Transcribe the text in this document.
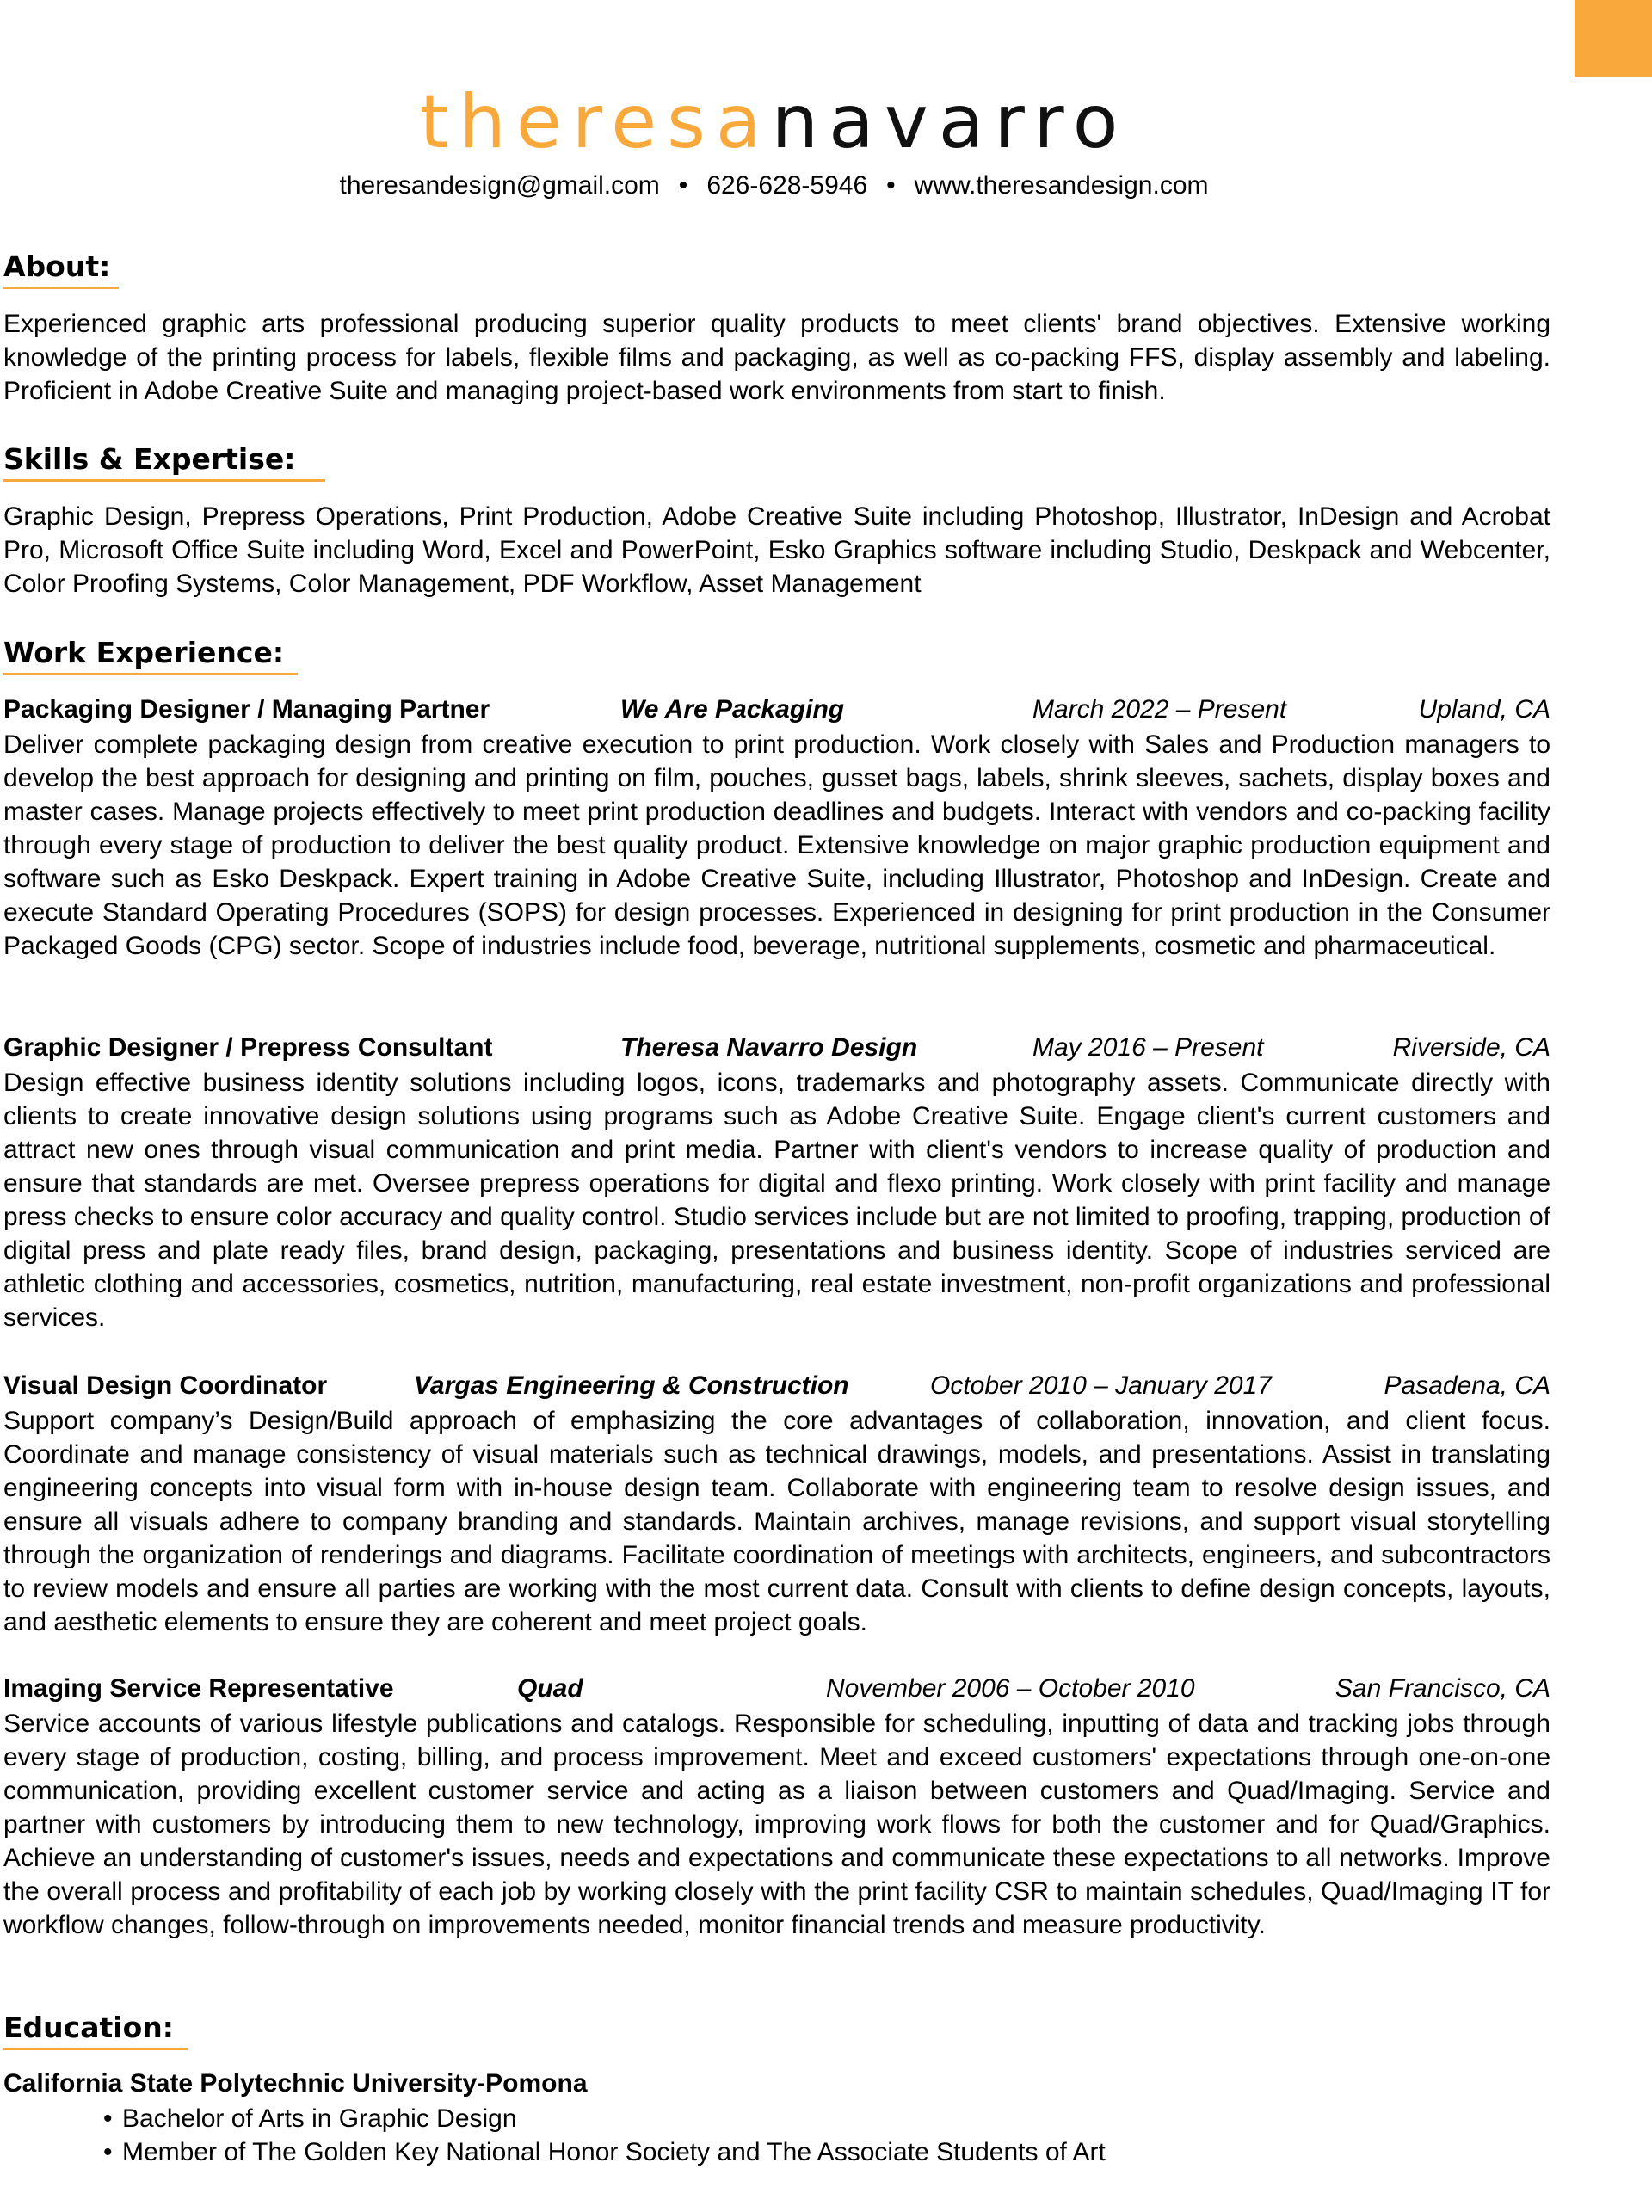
theresanavarro
theresandesign@gmail.com • 626-628-5946 • www.theresandesign.com
About:

Experienced graphic arts professional producing superior quality products to meet clients' brand objectives. Extensive working knowledge of the printing process for labels, flexible films and packaging, as well as co-packing FFS, display assembly and labeling. Proficient in Adobe Creative Suite and managing project-based work environments from start to finish.

Skills & Expertise:

Graphic Design, Prepress Operations, Print Production, Adobe Creative Suite including Photoshop, Illustrator, InDesign and Acrobat Pro, Microsoft Office Suite including Word, Excel and PowerPoint, Esko Graphics software including Studio, Deskpack and Webcenter, Color Proofing Systems, Color Management, PDF Workflow, Asset Management

Work Experience:
Packaging Designer / Managing Partner	We Are Packaging	March 2022 – Present	Upland, CA

Deliver complete packaging design from creative execution to print production. Work closely with Sales and Production managers to develop the best approach for designing and printing on film, pouches, gusset bags, labels, shrink sleeves, sachets, display boxes and master cases. Manage projects effectively to meet print production deadlines and budgets. Interact with vendors and co-packing facility through every stage of production to deliver the best quality product. Extensive knowledge on major graphic production equipment and software such as Esko Deskpack. Expert training in Adobe Creative Suite, including Illustrator, Photoshop and InDesign. Create and execute Standard Operating Procedures (SOPS) for design processes. Experienced in designing for print production in the Consumer Packaged Goods (CPG) sector. Scope of industries include food, beverage, nutritional supplements, cosmetic and pharmaceutical.

Graphic Designer / Prepress Consultant	Theresa Navarro Design	May 2016 – Present	Riverside, CA

Design effective business identity solutions including logos, icons, trademarks and photography assets. Communicate directly with clients to create innovative design solutions using programs such as Adobe Creative Suite. Engage client's current customers and attract new ones through visual communication and print media. Partner with client's vendors to increase quality of production and ensure that standards are met. Oversee prepress operations for digital and flexo printing. Work closely with print facility and manage press checks to ensure color accuracy and quality control. Studio services include but are not limited to proofing, trapping, production of digital press and plate ready files, brand design, packaging, presentations and business identity. Scope of industries serviced are athletic clothing and accessories, cosmetics, nutrition, manufacturing, real estate investment, non-profit organizations and professional services.

Visual Design Coordinator	Vargas Engineering & Construction	October 2010 – January 2017	Pasadena, CA

Support company’s Design/Build approach of emphasizing the core advantages of collaboration, innovation, and client focus. Coordinate and manage consistency of visual materials such as technical drawings, models, and presentations. Assist in translating engineering concepts into visual form with in-house design team. Collaborate with engineering team to resolve design issues, and ensure all visuals adhere to company branding and standards. Maintain archives, manage revisions, and support visual storytelling through the organization of renderings and diagrams. Facilitate coordination of meetings with architects, engineers, and subcontractors to review models and ensure all parties are working with the most current data. Consult with clients to define design concepts, layouts, and aesthetic elements to ensure they are coherent and meet project goals.

Imaging Service Representative	Quad	November 2006 – October 2010	San Francisco, CA

Service accounts of various lifestyle publications and catalogs. Responsible for scheduling, inputting of data and tracking jobs through every stage of production, costing, billing, and process improvement. Meet and exceed customers' expectations through one-on-one communication, providing excellent customer service and acting as a liaison between customers and Quad/Imaging. Service and partner with customers by introducing them to new technology, improving work flows for both the customer and for Quad/Graphics. Achieve an understanding of customer's issues, needs and expectations and communicate these expectations to all networks. Improve the overall process and profitability of each job by working closely with the print facility CSR to maintain schedules, Quad/Imaging IT for workflow changes, follow-through on improvements needed, monitor financial trends and measure productivity.

Education:
California State Polytechnic University-Pomona
• Bachelor of Arts in Graphic Design
• Member of The Golden Key National Honor Society and The Associate Students of Art
